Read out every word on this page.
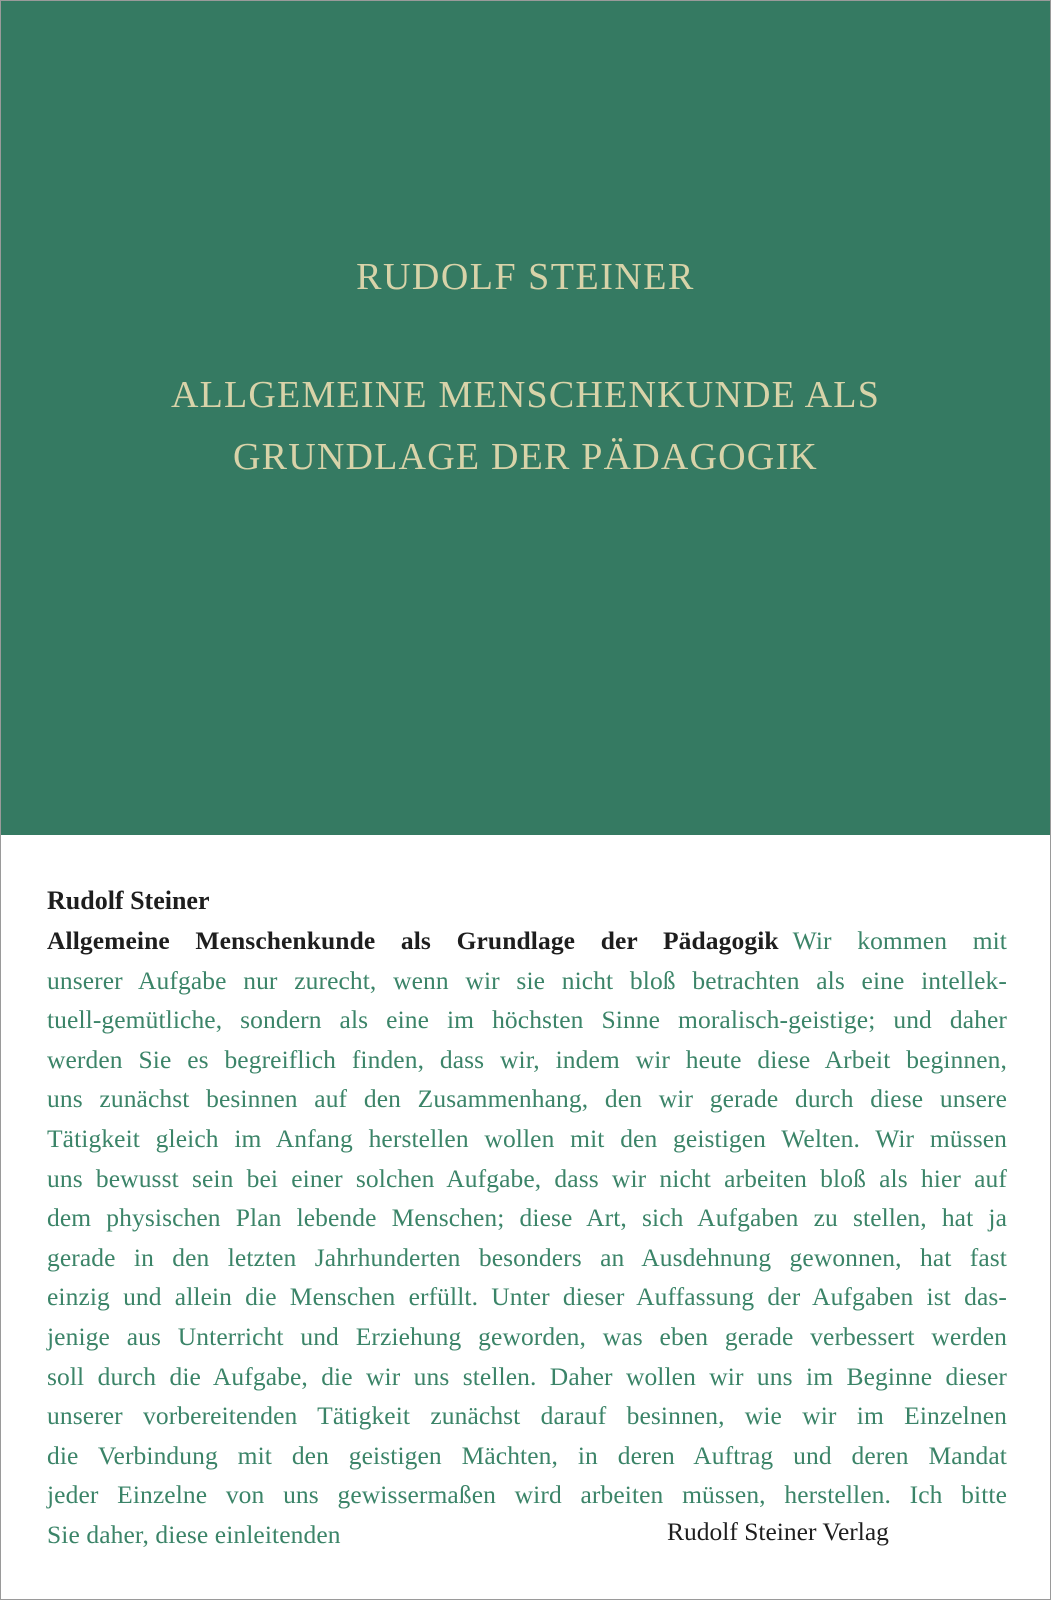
RUDOLF STEINER
ALLGEMEINE MENSCHENKUNDE ALS
GRUNDLAGE DER PÄDAGOGIK
Rudolf Steiner
Allgemeine Menschenkunde als Grundlage der Pädagogik Wir kommen mit
unserer Aufgabe nur zurecht, wenn wir sie nicht bloß betrachten als eine intellek-
tuell-gemütliche, sondern als eine im höchsten Sinne moralisch-geistige; und daher
werden Sie es begreiflich finden, dass wir, indem wir heute diese Arbeit beginnen,
uns zunächst besinnen auf den Zusammenhang, den wir gerade durch diese unsere
Tätigkeit gleich im Anfang herstellen wollen mit den geistigen Welten. Wir müssen
uns bewusst sein bei einer solchen Aufgabe, dass wir nicht arbeiten bloß als hier auf
dem physischen Plan lebende Menschen; diese Art, sich Aufgaben zu stellen, hat ja
gerade in den letzten Jahrhunderten besonders an Ausdehnung gewonnen, hat fast
einzig und allein die Menschen erfüllt. Unter dieser Auffassung der Aufgaben ist das-
jenige aus Unterricht und Erziehung geworden, was eben gerade verbessert werden
soll durch die Aufgabe, die wir uns stellen. Daher wollen wir uns im Beginne dieser
unserer vorbereitenden Tätigkeit zunächst darauf besinnen, wie wir im Einzelnen
die Verbindung mit den geistigen Mächten, in deren Auftrag und deren Mandat
jeder Einzelne von uns gewissermaßen wird arbeiten müssen, herstellen. Ich bitte
Sie daher, diese einleitenden	Rudolf Steiner Verlag
